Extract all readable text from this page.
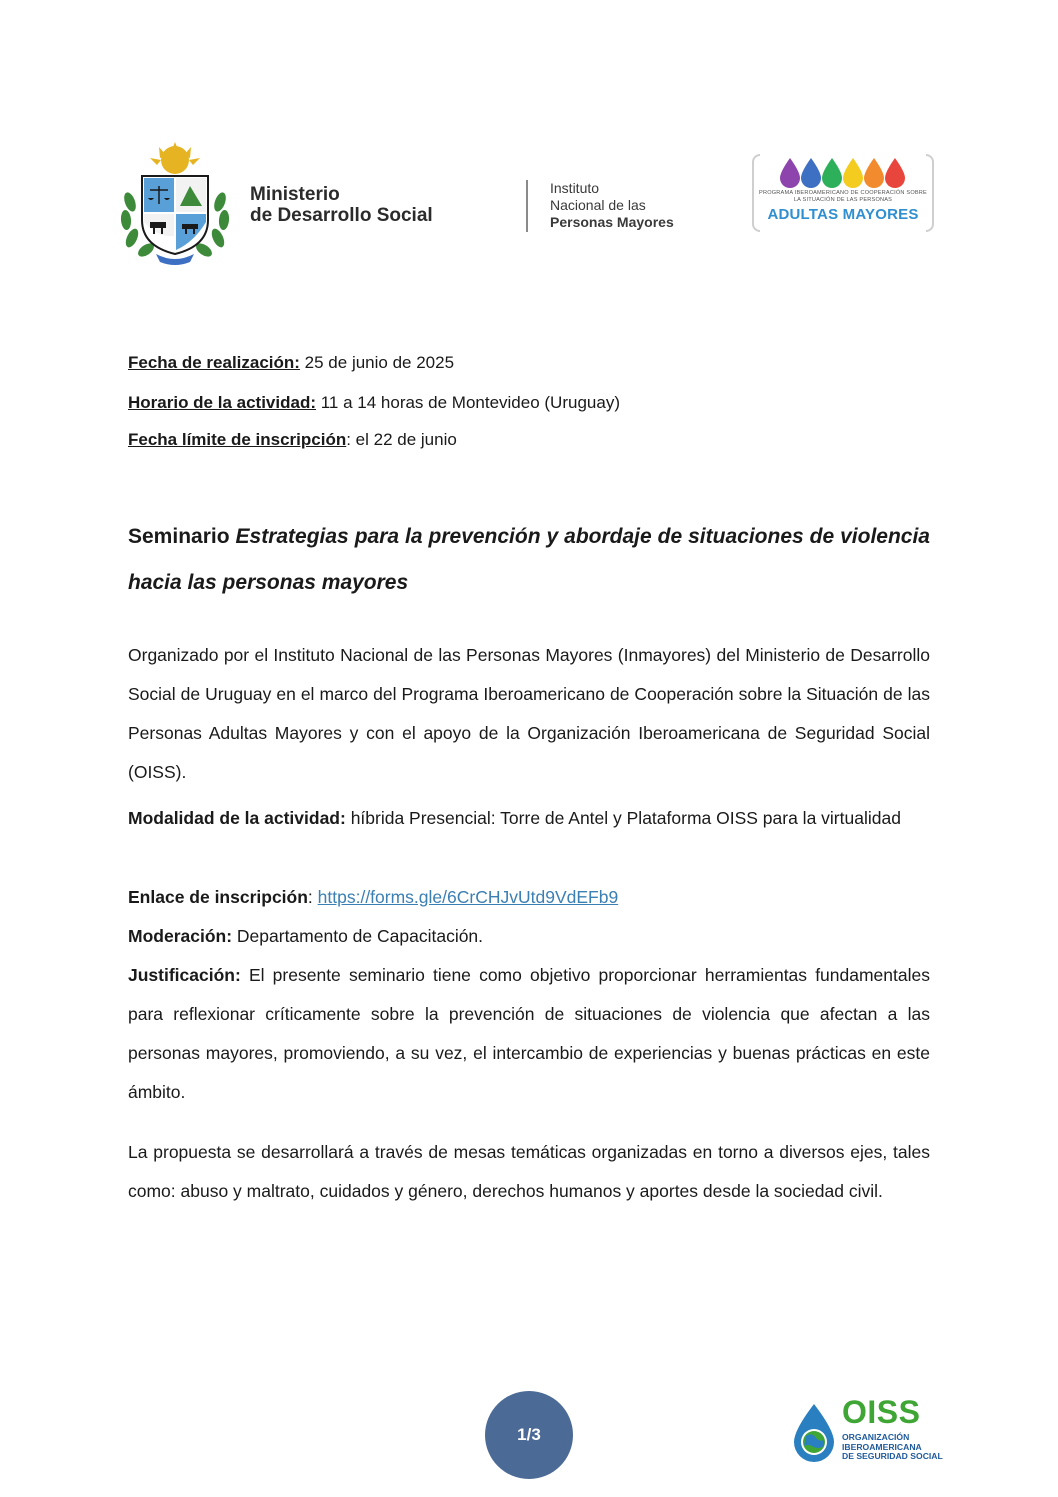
Ministerio
de Desarrollo Social
Instituto
Nacional de las
Personas Mayores
PROGRAMA IBEROAMERICANO DE COOPERACIÓN SOBRE LA SITUACIÓN DE LAS PERSONAS
ADULTAS MAYORES
Fecha de realización: 25 de junio de 2025
Horario de la actividad: 11 a 14 horas de Montevideo (Uruguay)
Fecha límite de inscripción: el 22 de junio
Seminario Estrategias para la prevención y abordaje de situaciones de violencia hacia las personas mayores
Organizado por el Instituto Nacional de las Personas Mayores (Inmayores) del Ministerio de Desarrollo Social de Uruguay en el marco del Programa Iberoamericano de Cooperación sobre la Situación de las Personas Adultas Mayores y con el apoyo de la Organización Iberoamericana de Seguridad Social (OISS).
Modalidad de la actividad: híbrida Presencial: Torre de Antel y Plataforma OISS para la virtualidad
Enlace de inscripción: https://forms.gle/6CrCHJvUtd9VdEFb9
Moderación: Departamento de Capacitación.
Justificación: El presente seminario tiene como objetivo proporcionar herramientas fundamentales para reflexionar críticamente sobre la prevención de situaciones de violencia que afectan a las personas mayores, promoviendo, a su vez, el intercambio de experiencias y buenas prácticas en este ámbito.
La propuesta se desarrollará a través de mesas temáticas organizadas en torno a diversos ejes, tales como: abuso y maltrato, cuidados y género, derechos humanos y aportes desde la sociedad civil.
1/3
OISS
ORGANIZACIÓN
IBEROAMERICANA
DE SEGURIDAD SOCIAL
